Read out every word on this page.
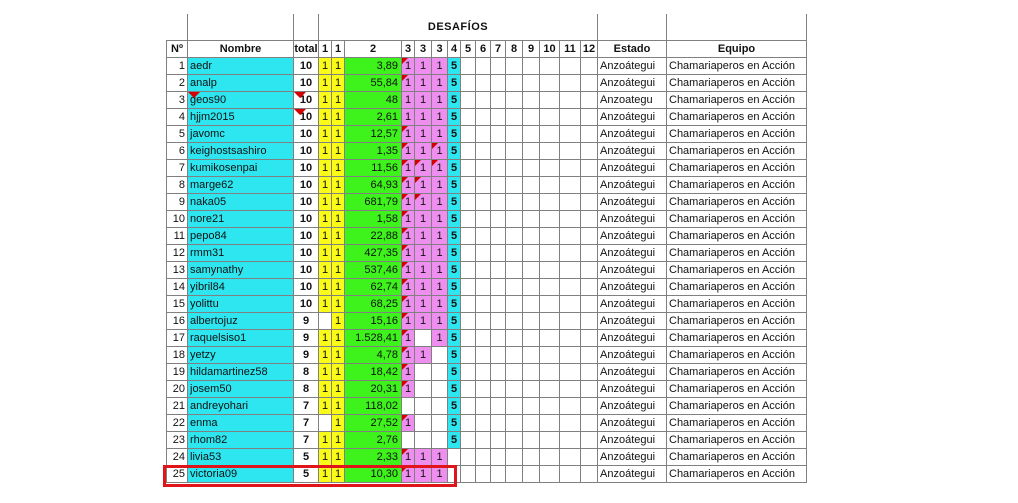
			DESAFÍOS																
Nº	Nombre	total	1	1	2	3	3	3	4	5	6	7	8	9	10	11	12	Estado	Equipo
1	aedr	10	1	1	3,89	1	1	1	5									Anzoátegui	Chamariaperos en Acción
2	analp	10	1	1	55,84	1	1	1	5									Anzoátegui	Chamariaperos en Acción
3	geos90	10	1	1	48	1	1	1	5									Anzoategu	Chamariaperos en Acción
4	hjjm2015	10	1	1	2,61	1	1	1	5									Anzoátegui	Chamariaperos en Acción
5	javomc	10	1	1	12,57	1	1	1	5									Anzoátegui	Chamariaperos en Acción
6	keighostsashiro	10	1	1	1,35	1	1	1	5									Anzoátegui	Chamariaperos en Acción
7	kumikosenpai	10	1	1	11,56	1	1	1	5									Anzoátegui	Chamariaperos en Acción
8	marge62	10	1	1	64,93	1	1	1	5									Anzoátegui	Chamariaperos en Acción
9	naka05	10	1	1	681,79	1	1	1	5									Anzoátegui	Chamariaperos en Acción
10	nore21	10	1	1	1,58	1	1	1	5									Anzoátegui	Chamariaperos en Acción
11	pepo84	10	1	1	22,88	1	1	1	5									Anzoátegui	Chamariaperos en Acción
12	rmm31	10	1	1	427,35	1	1	1	5									Anzoátegui	Chamariaperos en Acción
13	samynathy	10	1	1	537,46	1	1	1	5									Anzoátegui	Chamariaperos en Acción
14	yibril84	10	1	1	62,74	1	1	1	5									Anzoátegui	Chamariaperos en Acción
15	yolittu	10	1	1	68,25	1	1	1	5									Anzoátegui	Chamariaperos en Acción
16	albertojuz	9		1	15,16	1	1	1	5									Anzoátegui	Chamariaperos en Acción
17	raquelsiso1	9	1	1	1.528,41	1		1	5									Anzoátegui	Chamariaperos en Acción
18	yetzy	9	1	1	4,78	1	1		5									Anzoátegui	Chamariaperos en Acción
19	hildamartinez58	8	1	1	18,42	1			5									Anzoátegui	Chamariaperos en Acción
20	josem50	8	1	1	20,31	1			5									Anzoátegui	Chamariaperos en Acción
21	andreyohari	7	1	1	118,02				5									Anzoátegui	Chamariaperos en Acción
22	enma	7		1	27,52	1			5									Anzoátegui	Chamariaperos en Acción
23	rhom82	7	1	1	2,76				5									Anzoátegui	Chamariaperos en Acción
24	livia53	5	1	1	2,33	1	1	1										Anzoátegui	Chamariaperos en Acción
25	victoria09	5	1	1	10,30	1	1	1										Anzoátegui	Chamariaperos en Acción
